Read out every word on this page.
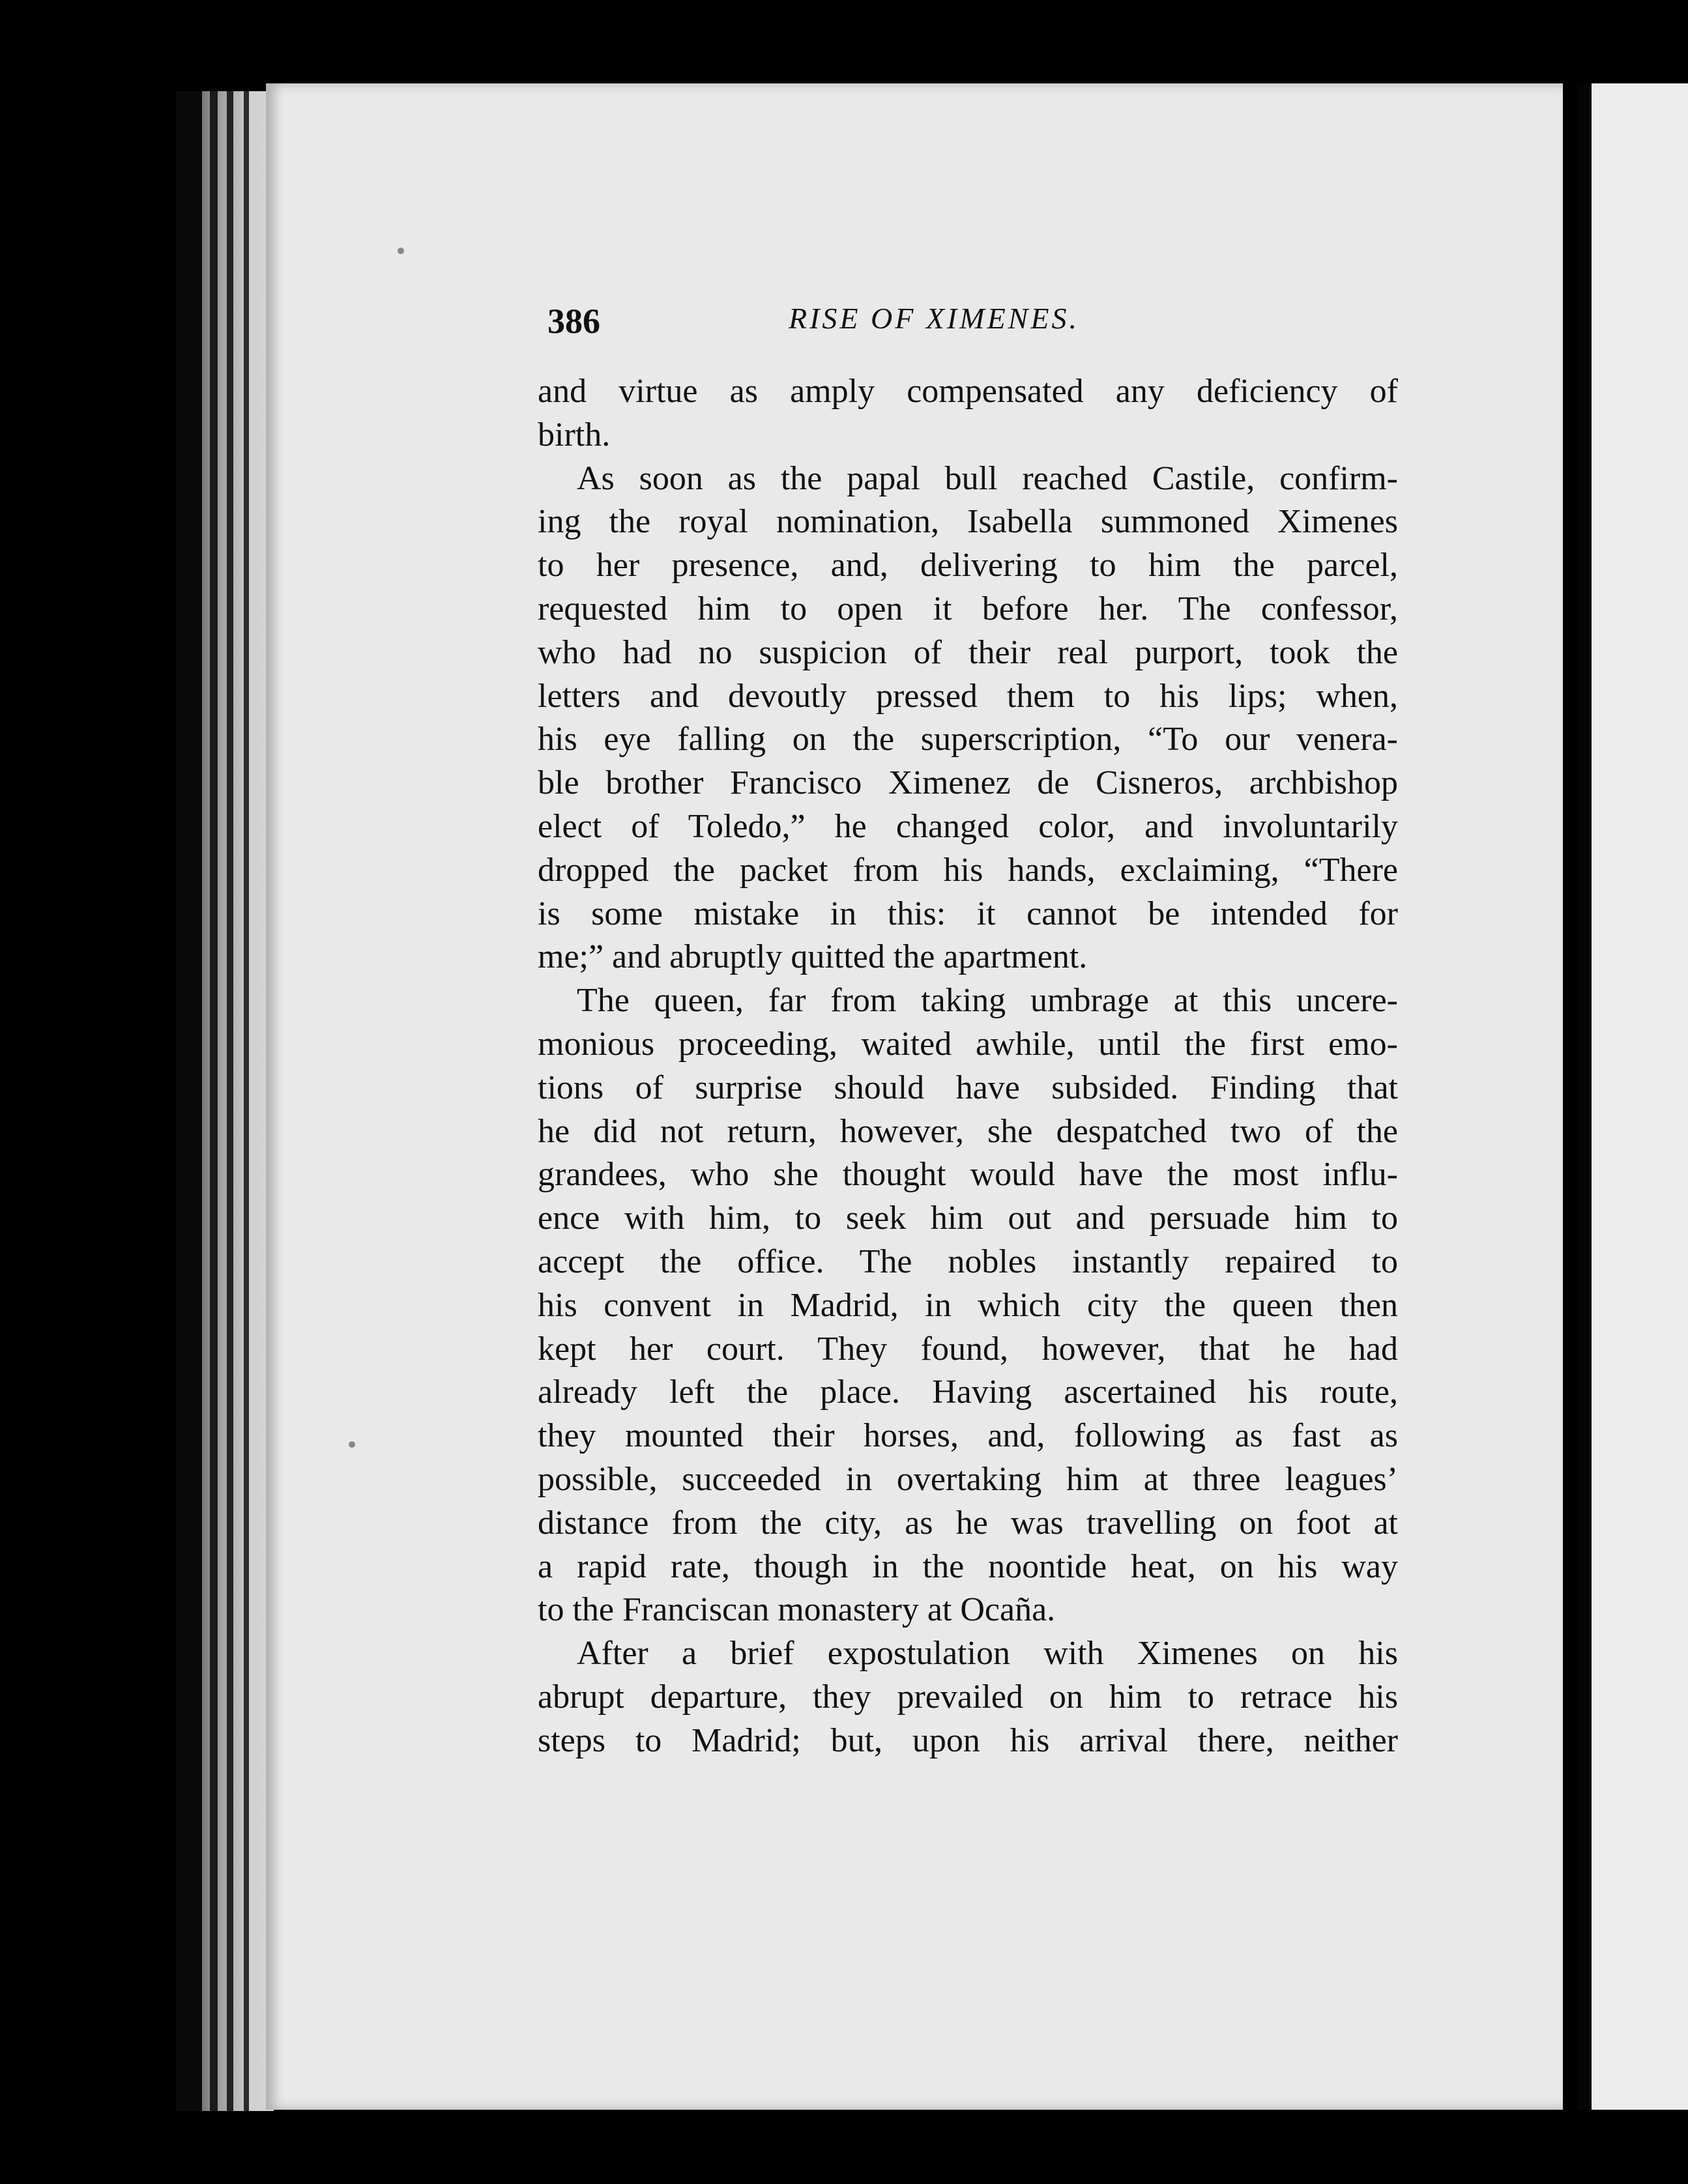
386	RISE OF XIMENES.
and virtue as amply compensated any deficiency of
birth.
As soon as the papal bull reached Castile, confirm-
ing the royal nomination, Isabella summoned Ximenes
to her presence, and, delivering to him the parcel,
requested him to open it before her. The confessor,
who had no suspicion of their real purport, took the
letters and devoutly pressed them to his lips; when,
his eye falling on the superscription, “To our venera-
ble brother Francisco Ximenez de Cisneros, archbishop
elect of Toledo,” he changed color, and involuntarily
dropped the packet from his hands, exclaiming, “There
is some mistake in this: it cannot be intended for
me;” and abruptly quitted the apartment.
The queen, far from taking umbrage at this uncere-
monious proceeding, waited awhile, until the first emo-
tions of surprise should have subsided. Finding that
he did not return, however, she despatched two of the
grandees, who she thought would have the most influ-
ence with him, to seek him out and persuade him to
accept the office. The nobles instantly repaired to
his convent in Madrid, in which city the queen then
kept her court. They found, however, that he had
already left the place. Having ascertained his route,
they mounted their horses, and, following as fast as
possible, succeeded in overtaking him at three leagues’
distance from the city, as he was travelling on foot at
a rapid rate, though in the noontide heat, on his way
to the Franciscan monastery at Ocaña.
After a brief expostulation with Ximenes on his
abrupt departure, they prevailed on him to retrace his
steps to Madrid; but, upon his arrival there, neither
